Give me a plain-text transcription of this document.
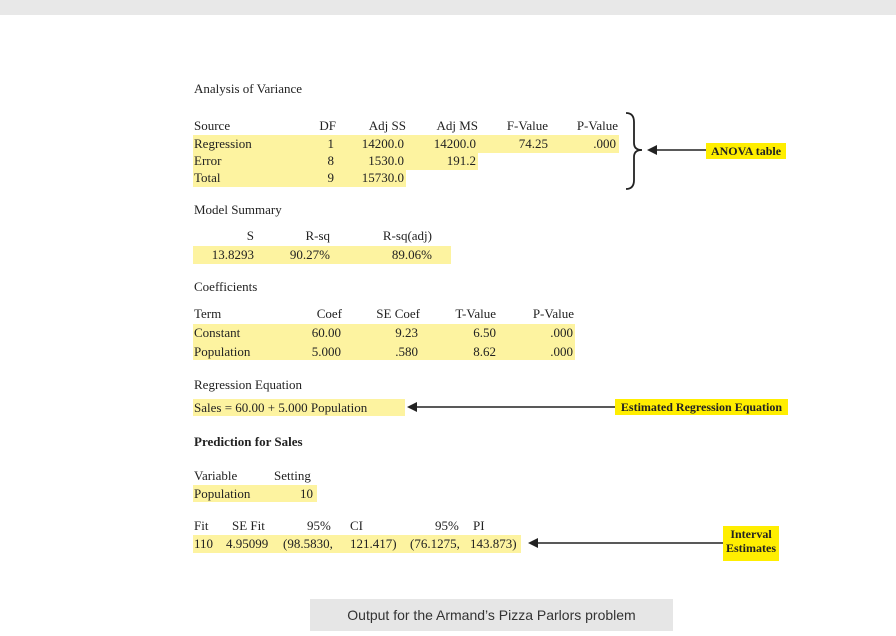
Analysis of Variance
Source	DF	Adj SS	Adj MS	F-Value	P-Value
Regression	1	14200.0	14200.0	74.25	.000
Error	8	1530.0	191.2
Total	9	15730.0
ANOVA table
Model Summary
S	R-sq	R-sq(adj)
13.8293	90.27%	89.06%
Coefficients
Term	Coef	SE Coef	T-Value	P-Value
Constant	60.00	9.23	6.50	.000
Population	5.000	.580	8.62	.000
Regression Equation
Sales = 60.00 + 5.000 Population	Estimated Regression Equation
Prediction for Sales
Variable	Setting
Population	10
Fit SE Fit	95% CI	95% PI
110 4.95099 (98.5830, 121.417) (76.1275, 143.873)
Interval
Estimates
Output for the Armand’s Pizza Parlors problem
